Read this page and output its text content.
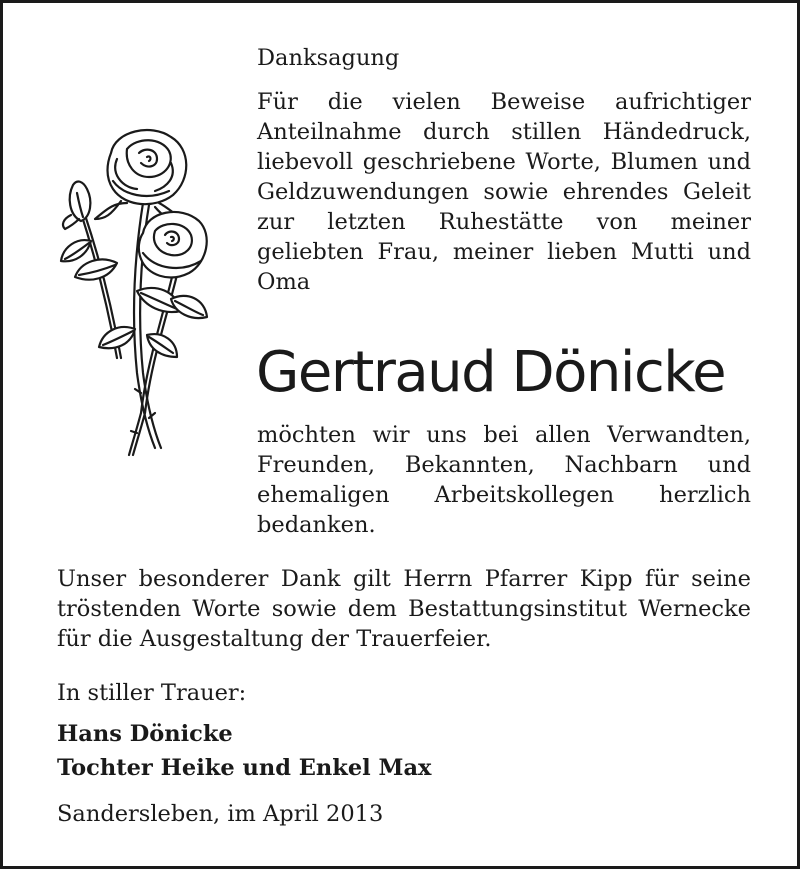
Danksagung

Für die vielen Beweise aufrichtiger Anteilnahme durch stillen Händedruck, liebevoll geschriebene Worte, Blumen und Geldzuwendungen sowie ehrendes Geleit zur letzten Ruhestätte von meiner geliebten Frau, meiner lieben Mutti und Oma

Gertraud Dönicke

möchten wir uns bei allen Verwandten, Freunden, Bekannten, Nachbarn und ehemaligen Arbeitskollegen herzlich bedanken.

Unser besonderer Dank gilt Herrn Pfarrer Kipp für seine tröstenden Worte sowie dem Bestattungsinstitut Wernecke für die Ausgestaltung der Trauerfeier.

In stiller Trauer:

Hans Dönicke

Tochter Heike und Enkel Max

Sandersleben, im April 2013
